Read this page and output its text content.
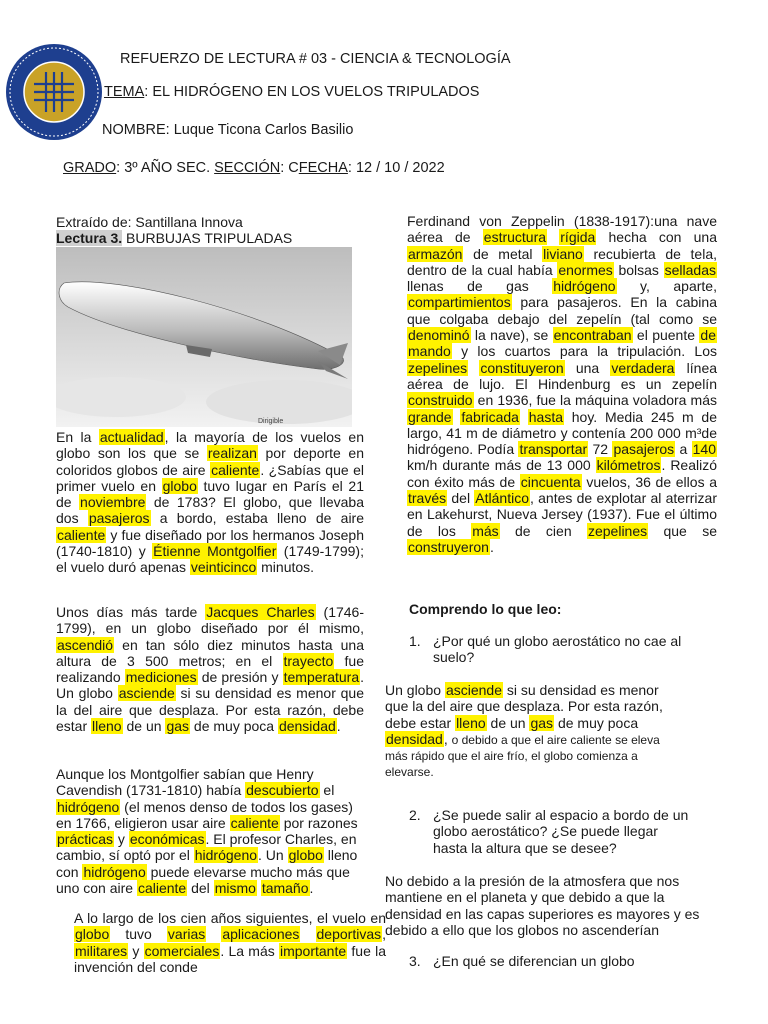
REFUERZO DE LECTURA # 03 - CIENCIA & TECNOLOGÍA
TEMA: EL HIDRÓGENO EN LOS VUELOS TRIPULADOS
NOMBRE: Luque Ticona Carlos Basilio
GRADO: 3º AÑO SEC. SECCIÓN: CFECHA: 12 / 10 / 2022
Extraído de: Santillana Innova
Lectura 3. BURBUJAS TRIPULADAS
Dirigible
En la actualidad, la mayoría de los vuelos en globo son los que se realizan por deporte en coloridos globos de aire caliente. ¿Sabías que el primer vuelo en globo tuvo lugar en París el 21 de noviembre de 1783? El globo, que llevaba dos pasajeros a bordo, estaba lleno de aire caliente y fue diseñado por los hermanos Joseph (1740-1810) y Étienne Montgolfier (1749-1799); el vuelo duró apenas veinticinco minutos.
Unos días más tarde Jacques Charles (1746-1799), en un globo diseñado por él mismo, ascendió en tan sólo diez minutos hasta una altura de 3 500 metros; en el trayecto fue realizando mediciones de presión y temperatura. Un globo asciende si su densidad es menor que la del aire que desplaza. Por esta razón, debe estar lleno de un gas de muy poca densidad.
Aunque los Montgolfier sabían que Henry Cavendish (1731-1810) había descubierto el hidrógeno (el menos denso de todos los gases) en 1766, eligieron usar aire caliente por razones prácticas y económicas. El profesor Charles, en cambio, sí optó por el hidrógeno. Un globo lleno con hidrógeno puede elevarse mucho más que uno con aire caliente del mismo tamaño.
A lo largo de los cien años siguientes, el vuelo en globo tuvo varias aplicaciones deportivas, militares y comerciales. La más importante fue la invención del conde
Ferdinand von Zeppelin (1838-1917):una nave aérea de estructura rígida hecha con una armazón de metal liviano recubierta de tela, dentro de la cual había enormes bolsas selladas llenas de gas hidrógeno y, aparte, compartimientos para pasajeros. En la cabina que colgaba debajo del zepelín (tal como se denominó la nave), se encontraban el puente de mando y los cuartos para la tripulación. Los zepelines constituyeron una verdadera línea aérea de lujo. El Hindenburg es un zepelín construido en 1936, fue la máquina voladora más grande fabricada hasta hoy. Media 245 m de largo, 41 m de diámetro y contenía 200 000 m³de hidrógeno. Podía transportar 72 pasajeros a 140 km/h durante más de 13 000 kilómetros. Realizó con éxito más de cincuenta vuelos, 36 de ellos a través del Atlántico, antes de explotar al aterrizar en Lakehurst, Nueva Jersey (1937). Fue el último de los más de cien zepelines que se construyeron.
Comprendo lo que leo:
1. ¿Por qué un globo aerostático no cae al
suelo?
Un globo asciende si su densidad es menor
que la del aire que desplaza. Por esta razón,
debe estar lleno de un gas de muy poca
densidad, o debido a que el aire caliente se eleva
más rápido que el aire frío, el globo comienza a
elevarse.
2. ¿Se puede salir al espacio a bordo de un
globo aerostático? ¿Se puede llegar
hasta la altura que se desee?
No debido a la presión de la atmosfera que nos mantiene en el planeta y que debido a que la densidad en las capas superiores es mayores y es debido a ello que los globos no ascenderían
3. ¿En qué se diferencian un globo
